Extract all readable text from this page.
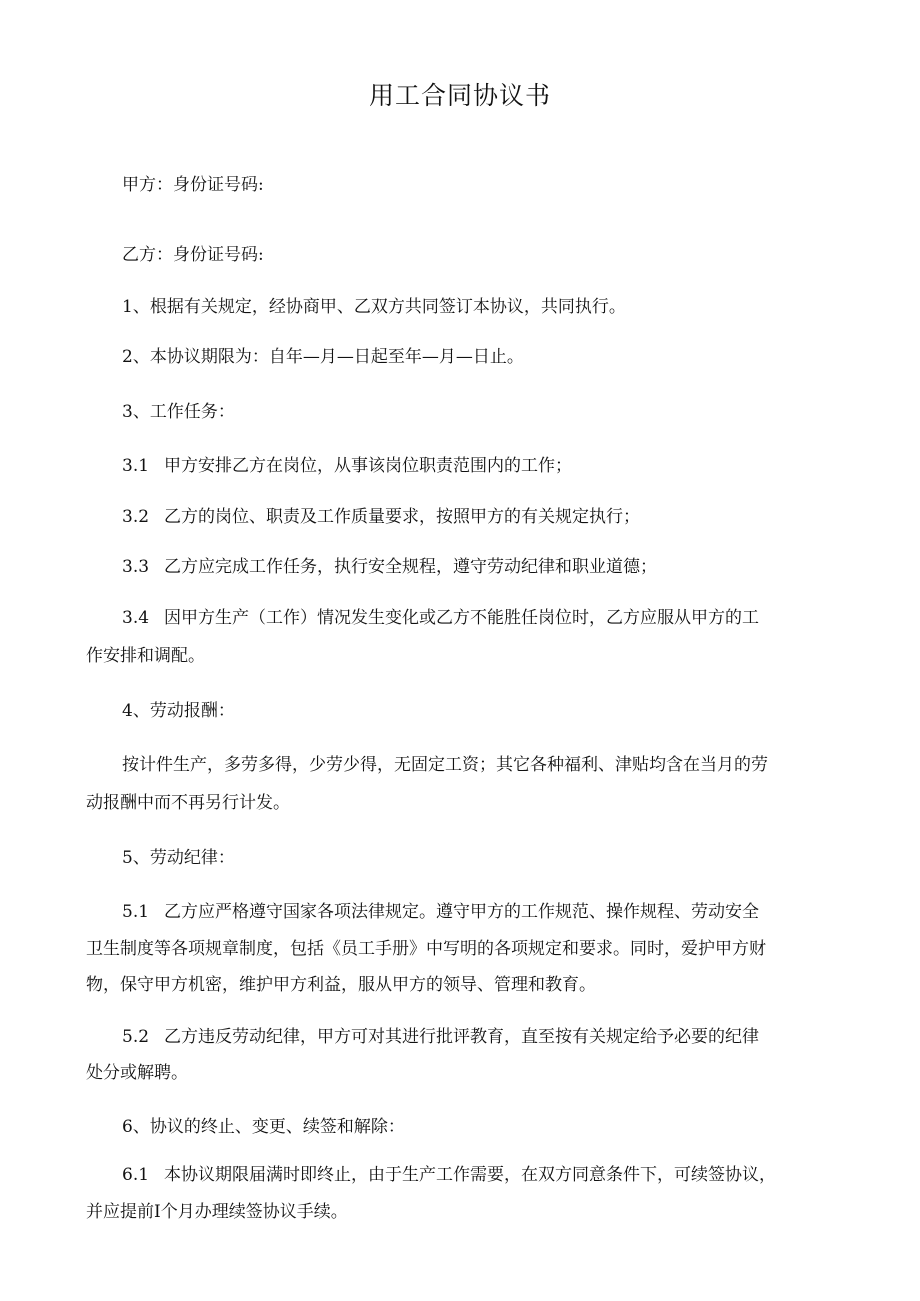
用工合同协议书
甲方：身份证号码:
乙方：身份证号码:
1、根据有关规定，经协商甲、乙双方共同签订本协议，共同执行。
2、本协议期限为：自年—月—日起至年—月—日止。
3、工作任务：
3.1 甲方安排乙方在岗位，从事该岗位职责范围内的工作；
3.2 乙方的岗位、职责及工作质量要求，按照甲方的有关规定执行；
3.3 乙方应完成工作任务，执行安全规程，遵守劳动纪律和职业道德；
3.4 因甲方生产（工作）情况发生变化或乙方不能胜任岗位时，乙方应服从甲方的工
作安排和调配。
4、劳动报酬：
按计件生产，多劳多得，少劳少得，无固定工资；其它各种福利、津贴均含在当月的劳
动报酬中而不再另行计发。
5、劳动纪律：
5.1 乙方应严格遵守国家各项法律规定。遵守甲方的工作规范、操作规程、劳动安全
卫生制度等各项规章制度，包括《员工手册》中写明的各项规定和要求。同时，爱护甲方财
物，保守甲方机密，维护甲方利益，服从甲方的领导、管理和教育。
5.2 乙方违反劳动纪律，甲方可对其进行批评教育，直至按有关规定给予必要的纪律
处分或解聘。
6、协议的终止、变更、续签和解除：
6.1 本协议期限届满时即终止，由于生产工作需要，在双方同意条件下，可续签协议，
并应提前I个月办理续签协议手续。
